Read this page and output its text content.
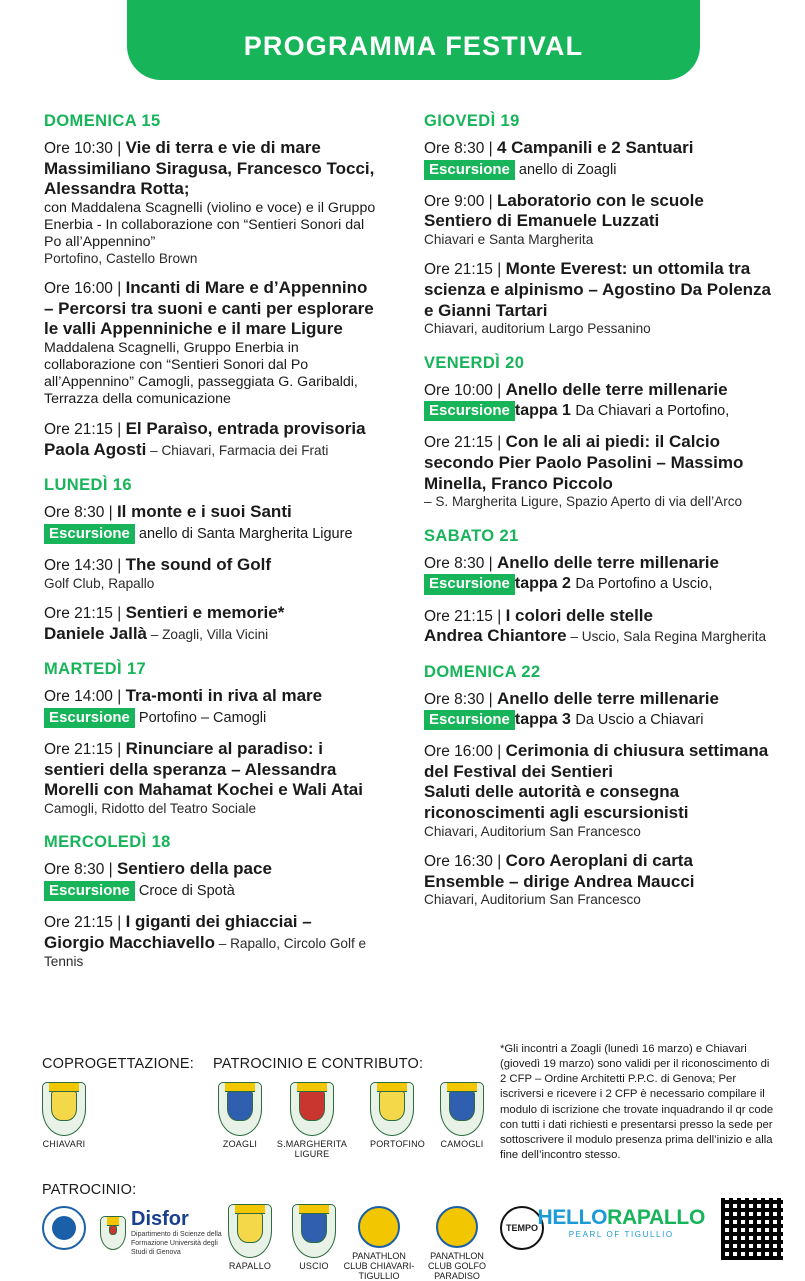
PROGRAMMA FESTIVAL
DOMENICA 15
Ore 10:30 | Vie di terra e vie di mare
Massimiliano Siragusa, Francesco Tocci, Alessandra Rotta;
con Maddalena Scagnelli (violino e voce) e il Gruppo Enerbia - In collaborazione con “Sentieri Sonori dal Po all’Appennino”
Portofino, Castello Brown
Ore 16:00 | Incanti di Mare e d’Appennino – Percorsi tra suoni e canti per esplorare le valli Appenniniche e il mare Ligure
Maddalena Scagnelli, Gruppo Enerbia in collaborazione con “Sentieri Sonori dal Po all’Appennino” Camogli, passeggiata G. Garibaldi, Terrazza della comunicazione
Ore 21:15 | El Paraìso, entrada provisoria
Paola Agosti – Chiavari, Farmacia dei Frati
LUNEDÌ 16
Ore 8:30 | Il monte e i suoi Santi
Escursione anello di Santa Margherita Ligure
Ore 14:30 | The sound of Golf
Golf Club, Rapallo
Ore 21:15 | Sentieri e memorie*
Daniele Jallà – Zoagli, Villa Vicini
MARTEDÌ 17
Ore 14:00 | Tra-monti in riva al mare
Escursione Portofino – Camogli
Ore 21:15 | Rinunciare al paradiso: i sentieri della speranza – Alessandra Morelli con Mahamat Kochei e Wali Atai
Camogli, Ridotto del Teatro Sociale
MERCOLEDÌ 18
Ore 8:30 | Sentiero della pace
Escursione Croce di Spotà
Ore 21:15 | I giganti dei ghiacciai – Giorgio Macchiavello – Rapallo, Circolo Golf e Tennis
GIOVEDÌ 19
Ore 8:30 | 4 Campanili e 2 Santuari
Escursione anello di Zoagli
Ore 9:00 | Laboratorio con le scuole Sentiero di Emanuele Luzzati
Chiavari e Santa Margherita
Ore 21:15 | Monte Everest: un ottomila tra scienza e alpinismo – Agostino Da Polenza e Gianni Tartari
Chiavari, auditorium Largo Pessanino
VENERDÌ 20
Ore 10:00 | Anello delle terre millenarie
Escursione tappa 1 Da Chiavari a Portofino,
Ore 21:15 | Con le ali ai piedi: il Calcio secondo Pier Paolo Pasolini – Massimo Minella, Franco Piccolo
– S. Margherita Ligure, Spazio Aperto di via dell’Arco
SABATO 21
Ore 8:30 | Anello delle terre millenarie
Escursione tappa 2 Da Portofino a Uscio,
Ore 21:15 | I colori delle stelle
Andrea Chiantore – Uscio, Sala Regina Margherita
DOMENICA 22
Ore 8:30 | Anello delle terre millenarie
Escursione tappa 3 Da Uscio a Chiavari
Ore 16:00 | Cerimonia di chiusura settimana del Festival dei Sentieri
Saluti delle autorità e consegna riconoscimenti agli escursionisti
Chiavari, Auditorium San Francesco
Ore 16:30 | Coro Aeroplani di carta Ensemble – dirige Andrea Maucci
Chiavari, Auditorium San Francesco
COPROGETTAZIONE: PATROCINIO E CONTRIBUTO:
PATROCINIO:
CHIAVARI	ZOAGLI	S.MARGHERITA LIGURE
PORTOFINO CAMOGLI
Disfor
Dipartimento di Scienze della Formazione Università degli Studi di Genova
RAPALLO	USCIO
PANATHLON CLUB CHIAVARI-TIGULLIO
PANATHLON CLUB GOLFO PARADISO
TEMPO HELLORAPALLO
PEARL OF TIGULLIO
*Gli incontri a Zoagli (lunedì 16 marzo) e Chiavari (giovedì 19 marzo) sono validi per il riconoscimento di 2 CFP – Ordine Architetti P.P.C. di Genova; Per iscriversi e ricevere i 2 CFP è necessario compilare il modulo di iscrizione che trovate inquadrando il qr code con tutti i dati richiesti e presentarsi presso la sede per sottoscrivere il modulo presenza prima dell’inizio e alla fine dell’incontro stesso.
